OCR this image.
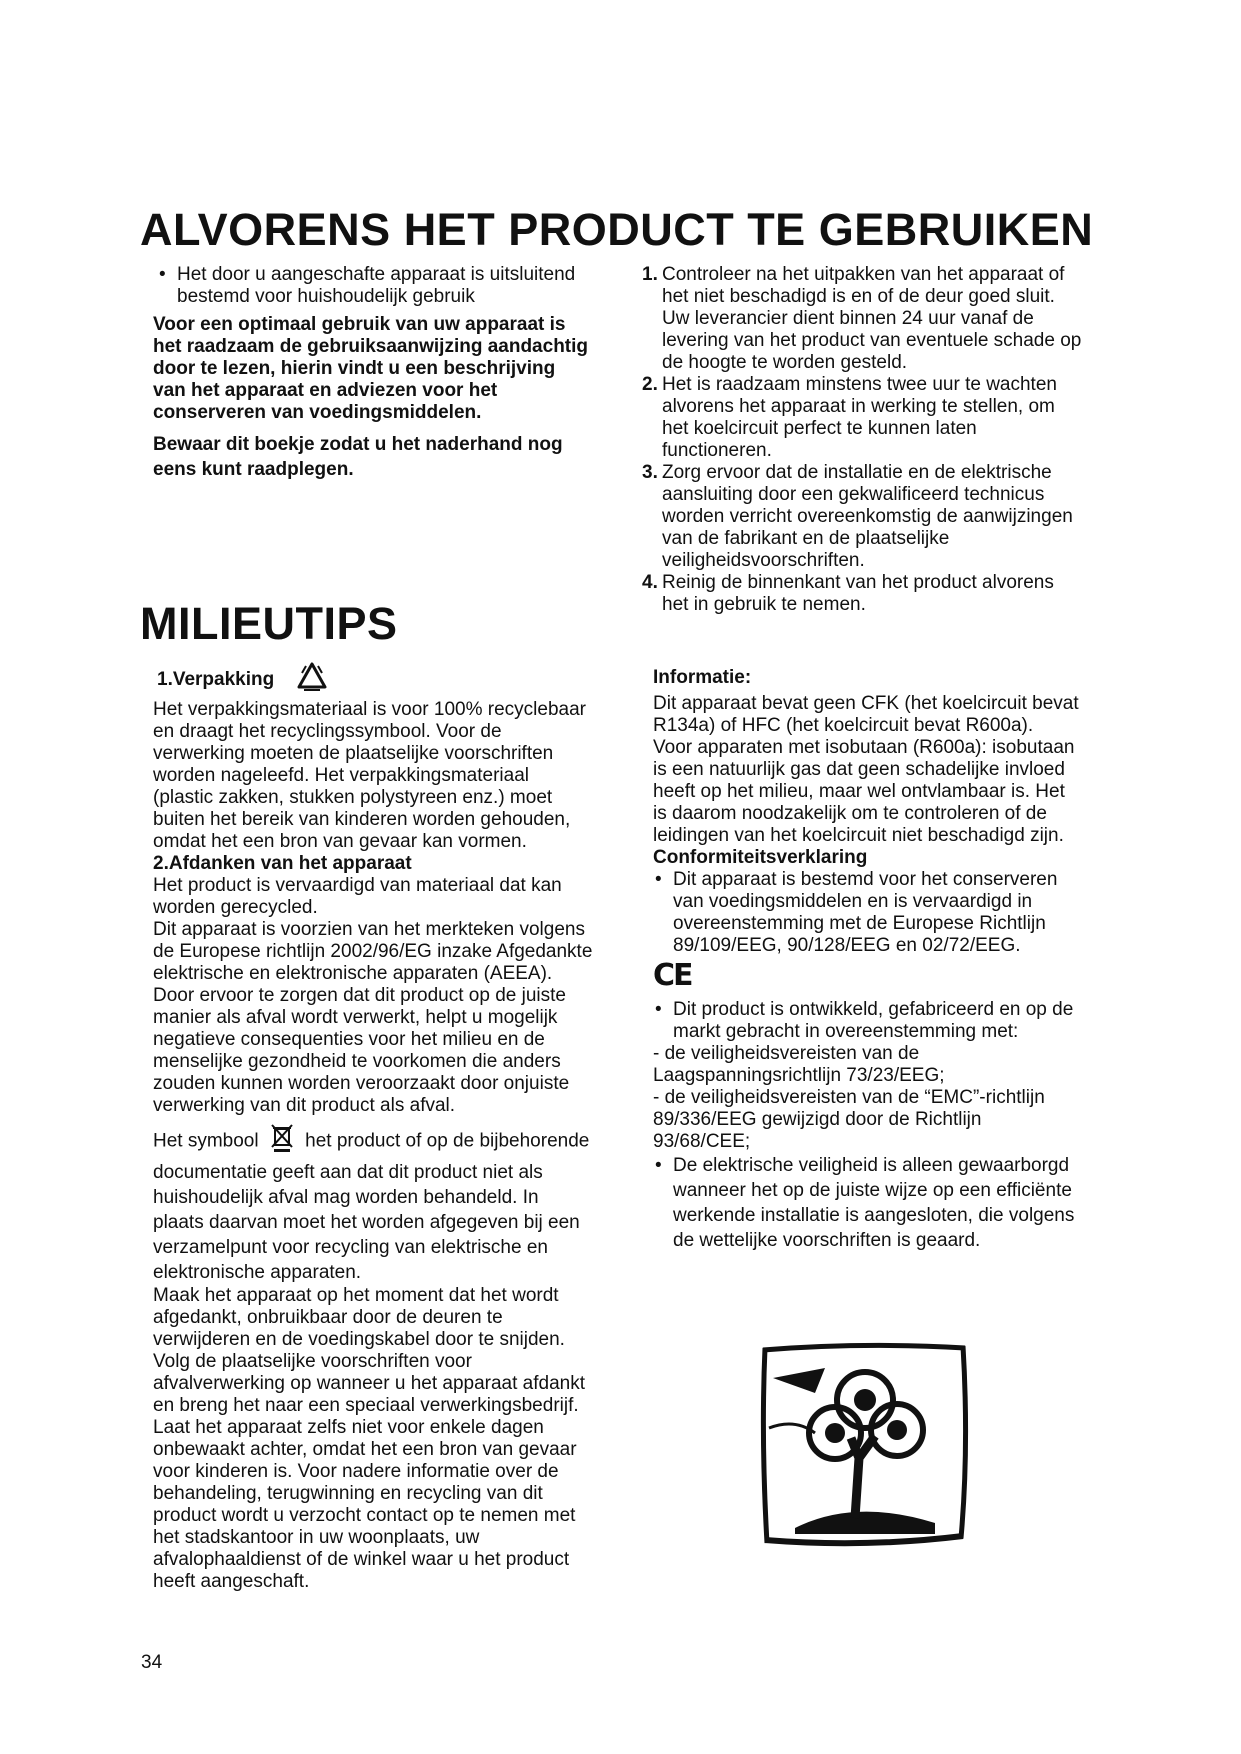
ALVORENS HET PRODUCT TE GEBRUIKEN

• Het door u aangeschafte apparaat is uitsluitend bestemd voor huishoudelijk gebruik

Voor een optimaal gebruik van uw apparaat is het raadzaam de gebruiksaanwijzing aandachtig door te lezen, hierin vindt u een beschrijving van het apparaat en adviezen voor het conserveren van voedingsmiddelen.

Bewaar dit boekje zodat u het naderhand nog eens kunt raadplegen.

1. Controleer na het uitpakken van het apparaat of het niet beschadigd is en of de deur goed sluit. Uw leverancier dient binnen 24 uur vanaf de levering van het product van eventuele schade op de hoogte te worden gesteld.

2. Het is raadzaam minstens twee uur te wachten alvorens het apparaat in werking te stellen, om het koelcircuit perfect te kunnen laten functioneren.

3. Zorg ervoor dat de installatie en de elektrische aansluiting door een gekwalificeerd technicus worden verricht overeenkomstig de aanwijzingen van de fabrikant en de plaatselijke veiligheidsvoorschriften.

4. Reinig de binnenkant van het product alvorens het in gebruik te nemen.

MILIEUTIPS

1.Verpakking

Het verpakkingsmateriaal is voor 100% recyclebaar en draagt het recyclingssymbool. Voor de verwerking moeten de plaatselijke voorschriften worden nageleefd. Het verpakkingsmateriaal (plastic zakken, stukken polystyreen enz.) moet buiten het bereik van kinderen worden gehouden, omdat het een bron van gevaar kan vormen.

2.Afdanken van het apparaat

Het product is vervaardigd van materiaal dat kan worden gerecycled.

Dit apparaat is voorzien van het merkteken volgens de Europese richtlijn 2002/96/EG inzake Afgedankte elektrische en elektronische apparaten (AEEA).

Door ervoor te zorgen dat dit product op de juiste manier als afval wordt verwerkt, helpt u mogelijk negatieve consequenties voor het milieu en de menselijke gezondheid te voorkomen die anders zouden kunnen worden veroorzaakt door onjuiste verwerking van dit product als afval.

Het symbool het product of op de bijbehorende documentatie geeft aan dat dit product niet als huishoudelijk afval mag worden behandeld. In plaats daarvan moet het worden afgegeven bij een verzamelpunt voor recycling van elektrische en elektronische apparaten.

Maak het apparaat op het moment dat het wordt afgedankt, onbruikbaar door de deuren te verwijderen en de voedingskabel door te snijden.

Volg de plaatselijke voorschriften voor afvalverwerking op wanneer u het apparaat afdankt en breng het naar een speciaal verwerkingsbedrijf. Laat het apparaat zelfs niet voor enkele dagen onbewaakt achter, omdat het een bron van gevaar voor kinderen is. Voor nadere informatie over de behandeling, terugwinning en recycling van dit product wordt u verzocht contact op te nemen met het stadskantoor in uw woonplaats, uw afvalophaaldienst of de winkel waar u het product heeft aangeschaft.

Informatie:

Dit apparaat bevat geen CFK (het koelcircuit bevat R134a) of HFC (het koelcircuit bevat R600a).

Voor apparaten met isobutaan (R600a): isobutaan is een natuurlijk gas dat geen schadelijke invloed heeft op het milieu, maar wel ontvlambaar is. Het is daarom noodzakelijk om te controleren of de leidingen van het koelcircuit niet beschadigd zijn.

Conformiteitsverklaring

• Dit apparaat is bestemd voor het conserveren van voedingsmiddelen en is vervaardigd in overeenstemming met de Europese Richtlijn 89/109/EEG, 90/128/EEG en 02/72/EEG.

CE

• Dit product is ontwikkeld, gefabriceerd en op de markt gebracht in overeenstemming met:

- de veiligheidsvereisten van de Laagspanningsrichtlijn 73/23/EEG;

- de veiligheidsvereisten van de “EMC”-richtlijn 89/336/EEG gewijzigd door de Richtlijn 93/68/CEE;

• De elektrische veiligheid is alleen gewaarborgd wanneer het op de juiste wijze op een efficiënte werkende installatie is aangesloten, die volgens de wettelijke voorschriften is geaard.

34
